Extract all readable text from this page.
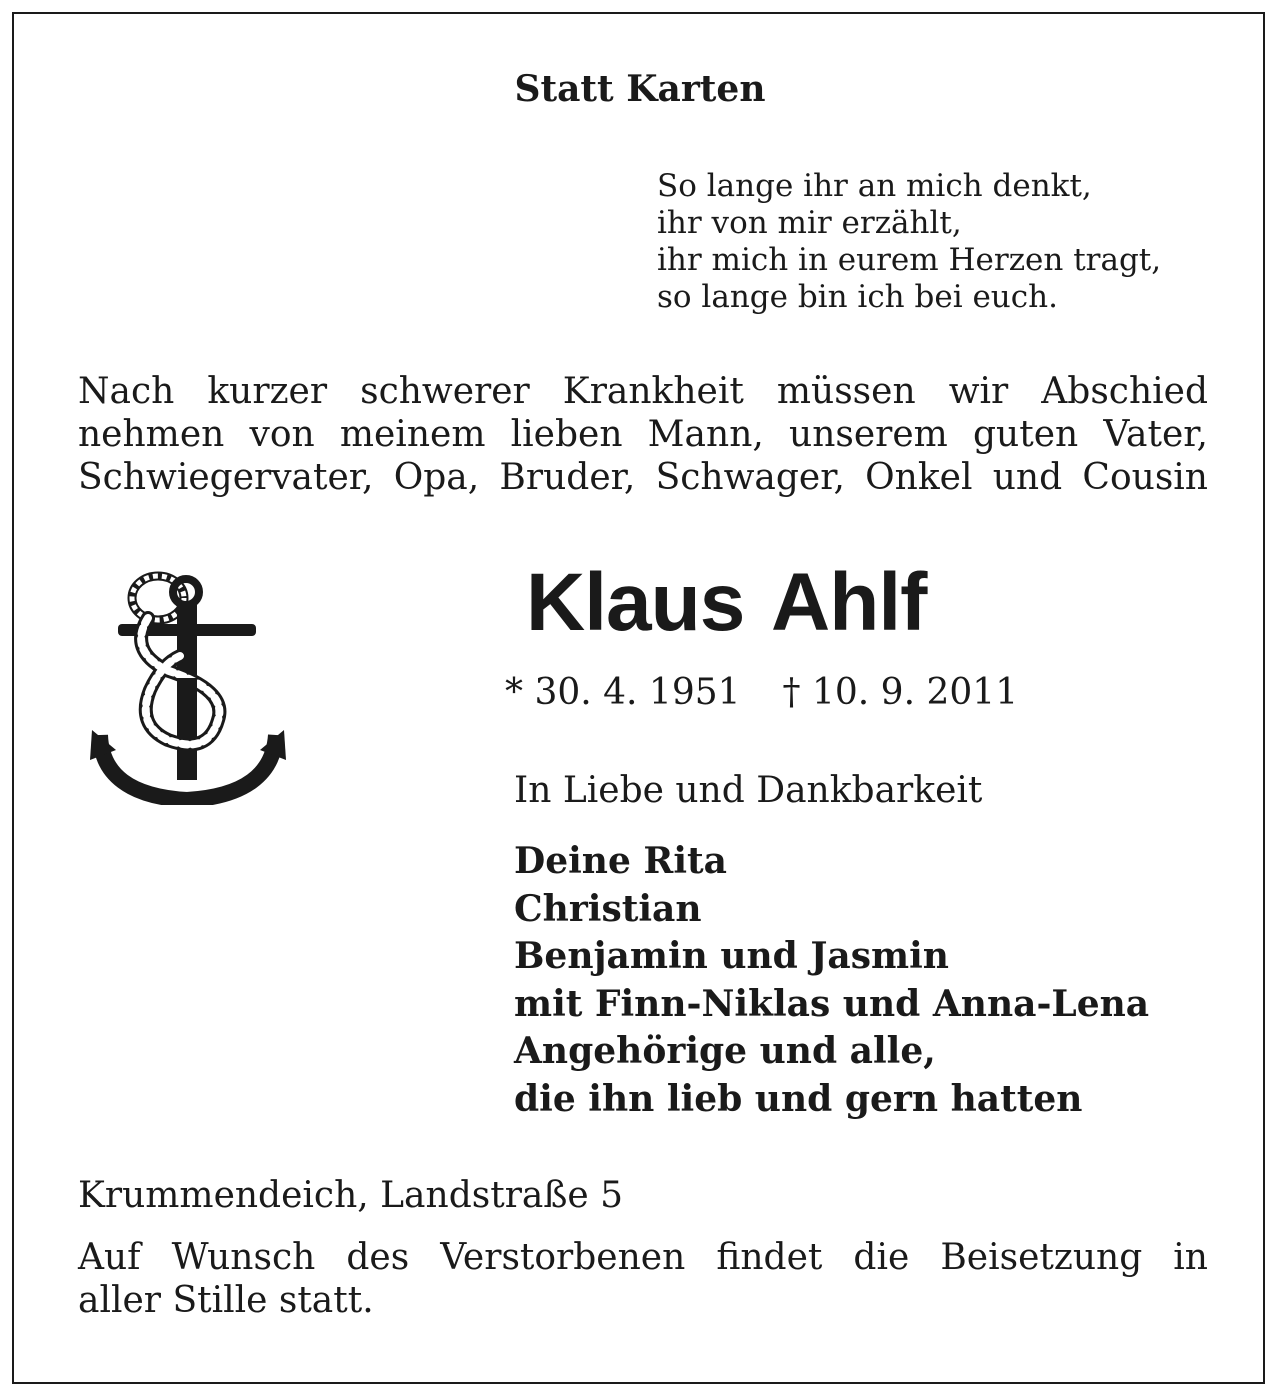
Statt Karten
So lange ihr an mich denkt,
ihr von mir erzählt,
ihr mich in eurem Herzen tragt,
so lange bin ich bei euch.
Nach kurzer schwerer Krankheit müssen wir Abschied
nehmen von meinem lieben Mann, unserem guten Vater,
Schwiegervater, Opa, Bruder, Schwager, Onkel und Cousin
Klaus Ahlf
* 30. 4. 1951 † 10. 9. 2011
In Liebe und Dankbarkeit
Deine Rita
Christian
Benjamin und Jasmin
mit Finn-Niklas und Anna-Lena
Angehörige und alle,
die ihn lieb und gern hatten
Krummendeich, Landstraße 5
Auf Wunsch des Verstorbenen findet die Beisetzung in
aller Stille statt.
